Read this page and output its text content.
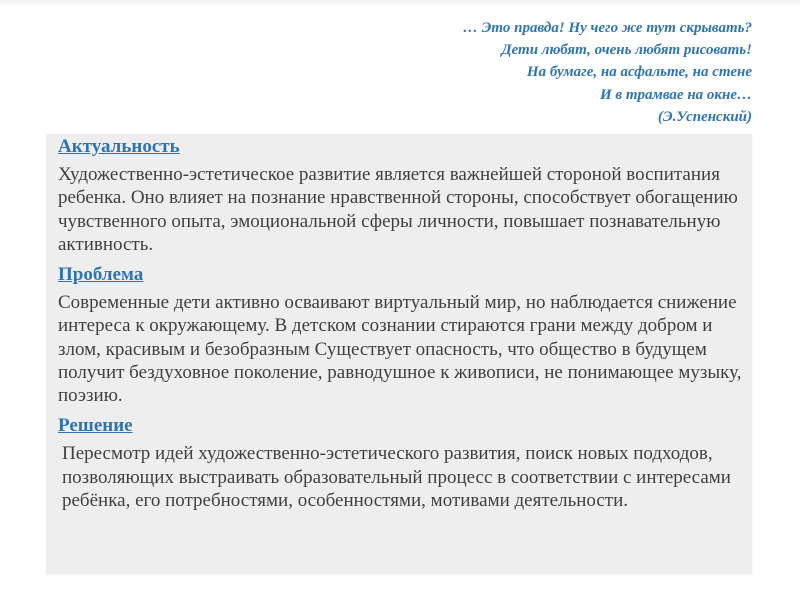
… Это правда! Ну чего же тут скрывать?
Дети любят, очень любят рисовать!
На бумаге, на асфальте, на стене
И в трамвае на окне…
(Э.Успенский)
Актуальность
Художественно-эстетическое развитие является важнейшей стороной воспитания ребенка. Оно влияет на познание нравственной стороны, способствует обогащению чувственного опыта, эмоциональной сферы личности, повышает познавательную активность.
Проблема
Современные дети активно осваивают виртуальный мир, но наблюдается снижение интереса к окружающему. В детском сознании стираются грани между добром и злом, красивым и безобразным Существует опасность, что общество в будущем получит бездуховное поколение, равнодушное к живописи, не понимающее музыку, поэзию.
Решение
Пересмотр идей художественно-эстетического развития, поиск новых подходов, позволяющих выстраивать образовательный процесс в соответствии с интересами ребёнка, его потребностями, особенностями, мотивами деятельности.
